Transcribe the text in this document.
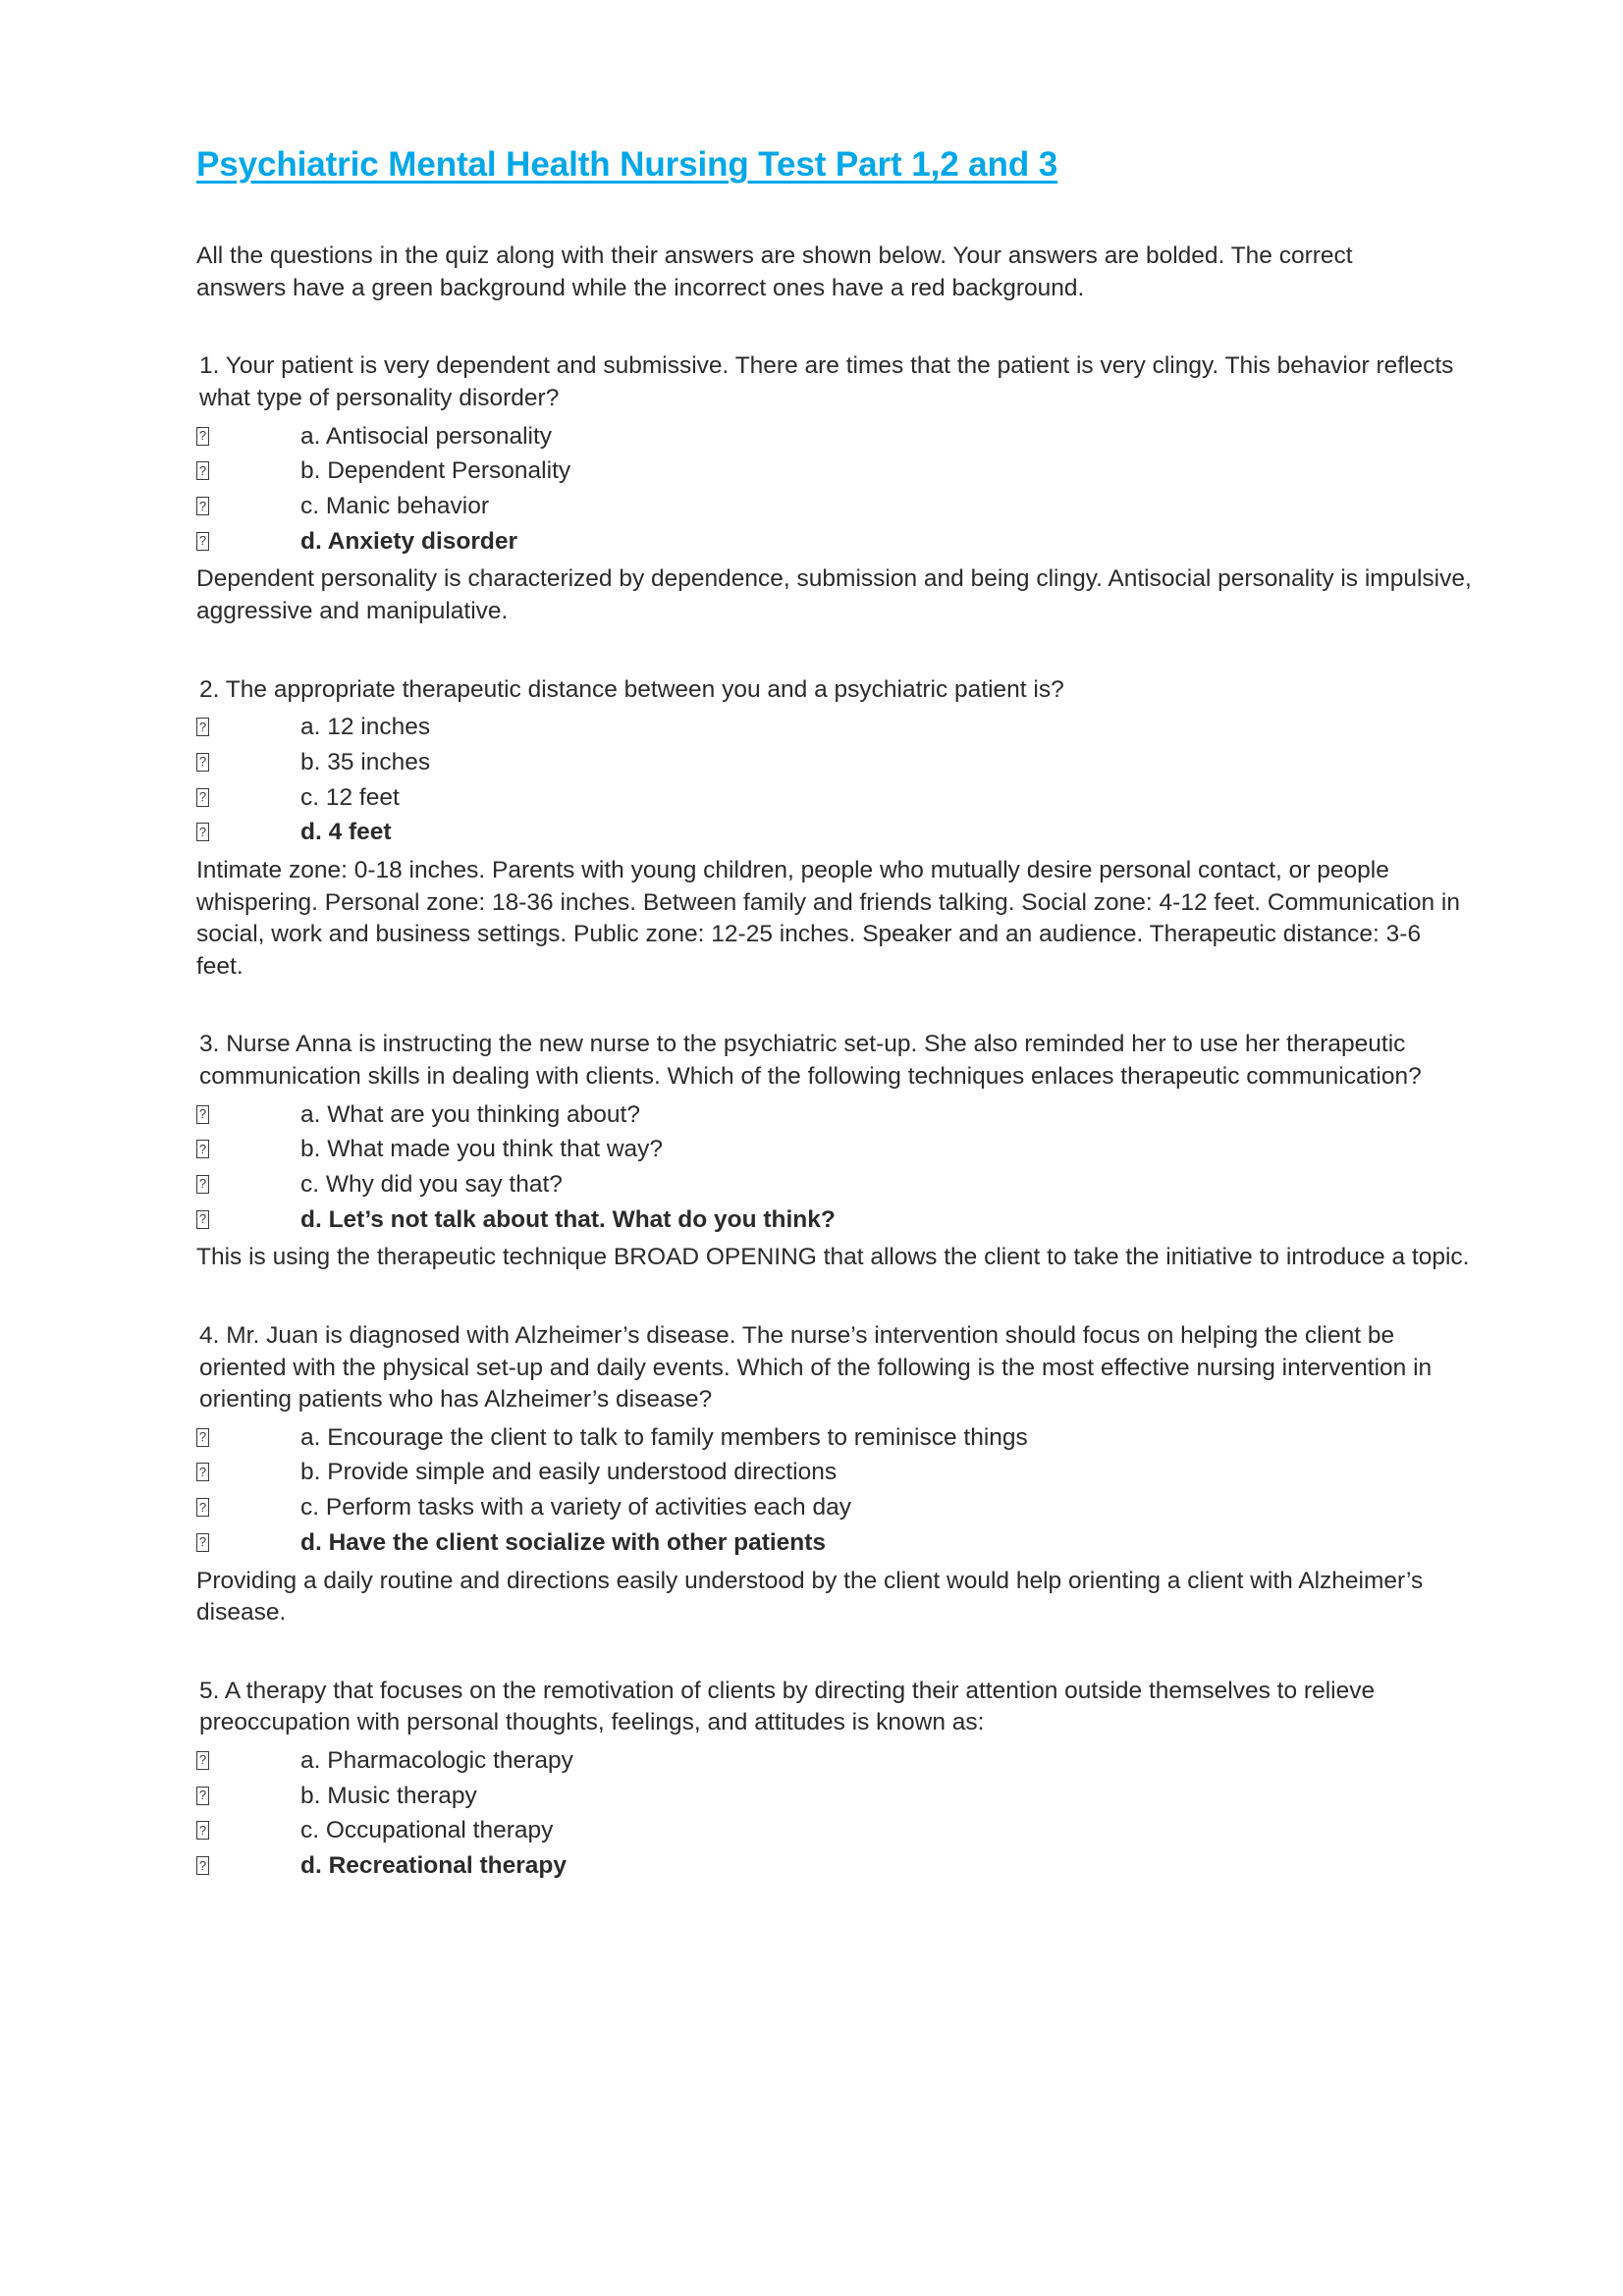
Psychiatric Mental Health Nursing Test Part 1,2 and 3

All the questions in the quiz along with their answers are shown below. Your answers are bolded. The correct answers have a green background while the incorrect ones have a red background.

1. Your patient is very dependent and submissive. There are times that the patient is very clingy. This behavior reflects what type of personality disorder?

?
a. Antisocial personality
?
b. Dependent Personality
?
c. Manic behavior
?
d. Anxiety disorder

Dependent personality is characterized by dependence, submission and being clingy. Antisocial personality is impulsive, aggressive and manipulative.

2. The appropriate therapeutic distance between you and a psychiatric patient is?

?
a. 12 inches
?
b. 35 inches
?
c. 12 feet
?
d. 4 feet

Intimate zone: 0-18 inches. Parents with young children, people who mutually desire personal contact, or people whispering. Personal zone: 18-36 inches. Between family and friends talking. Social zone: 4-12 feet. Communication in social, work and business settings. Public zone: 12-25 inches. Speaker and an audience. Therapeutic distance: 3-6 feet.

3. Nurse Anna is instructing the new nurse to the psychiatric set-up. She also reminded her to use her therapeutic communication skills in dealing with clients. Which of the following techniques enlaces therapeutic communication?

?
a. What are you thinking about?
?
b. What made you think that way?
?
c. Why did you say that?
?
d. Let’s not talk about that. What do you think?

This is using the therapeutic technique BROAD OPENING that allows the client to take the initiative to introduce a topic.

4. Mr. Juan is diagnosed with Alzheimer’s disease. The nurse’s intervention should focus on helping the client be oriented with the physical set-up and daily events. Which of the following is the most effective nursing intervention in orienting patients who has Alzheimer’s disease?

?
a. Encourage the client to talk to family members to reminisce things
?
b. Provide simple and easily understood directions
?
c. Perform tasks with a variety of activities each day
?
d. Have the client socialize with other patients

Providing a daily routine and directions easily understood by the client would help orienting a client with Alzheimer’s disease.

5. A therapy that focuses on the remotivation of clients by directing their attention outside themselves to relieve preoccupation with personal thoughts, feelings, and attitudes is known as:

?
a. Pharmacologic therapy
?
b. Music therapy
?
c. Occupational therapy
?
d. Recreational therapy
